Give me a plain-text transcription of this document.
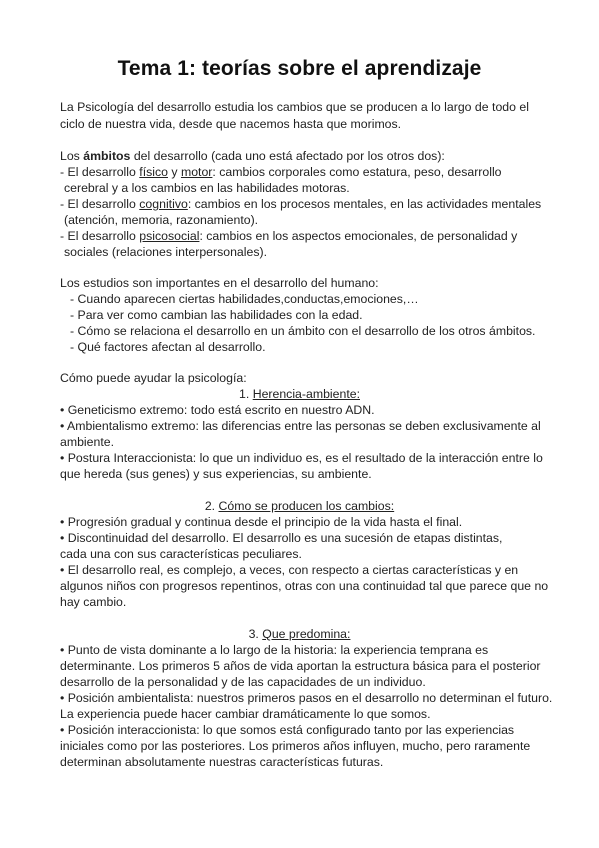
Tema 1: teorías sobre el aprendizaje
La Psicología del desarrollo estudia los cambios que se producen a lo largo de todo el
ciclo de nuestra vida, desde que nacemos hasta que morimos.
Los ámbitos del desarrollo (cada uno está afectado por los otros dos):
- El desarrollo físico y motor: cambios corporales como estatura, peso, desarrollo
cerebral y a los cambios en las habilidades motoras.
- El desarrollo cognitivo: cambios en los procesos mentales, en las actividades mentales
(atención, memoria, razonamiento).
- El desarrollo psicosocial: cambios en los aspectos emocionales, de personalidad y
sociales (relaciones interpersonales).
Los estudios son importantes en el desarrollo del humano:
- Cuando aparecen ciertas habilidades,conductas,emociones,…
- Para ver como cambian las habilidades con la edad.
- Cómo se relaciona el desarrollo en un ámbito con el desarrollo de los otros ámbitos.
- Qué factores afectan al desarrollo.
Cómo puede ayudar la psicología:
1. Herencia-ambiente:
• Geneticismo extremo: todo está escrito en nuestro ADN.
• Ambientalismo extremo: las diferencias entre las personas se deben exclusivamente al
ambiente.
• Postura Interaccionista: lo que un individuo es, es el resultado de la interacción entre lo
que hereda (sus genes) y sus experiencias, su ambiente.
2. Cómo se producen los cambios:
• Progresión gradual y continua desde el principio de la vida hasta el final.
• Discontinuidad del desarrollo. El desarrollo es una sucesión de etapas distintas,
cada una con sus características peculiares.
• El desarrollo real, es complejo, a veces, con respecto a ciertas características y en
algunos niños con progresos repentinos, otras con una continuidad tal que parece que no
hay cambio.
3. Que predomina:
• Punto de vista dominante a lo largo de la historia: la experiencia temprana es
determinante. Los primeros 5 años de vida aportan la estructura básica para el posterior
desarrollo de la personalidad y de las capacidades de un individuo.
• Posición ambientalista: nuestros primeros pasos en el desarrollo no determinan el futuro.
La experiencia puede hacer cambiar dramáticamente lo que somos.
• Posición interaccionista: lo que somos está configurado tanto por las experiencias
iniciales como por las posteriores. Los primeros años influyen, mucho, pero raramente
determinan absolutamente nuestras características futuras.
